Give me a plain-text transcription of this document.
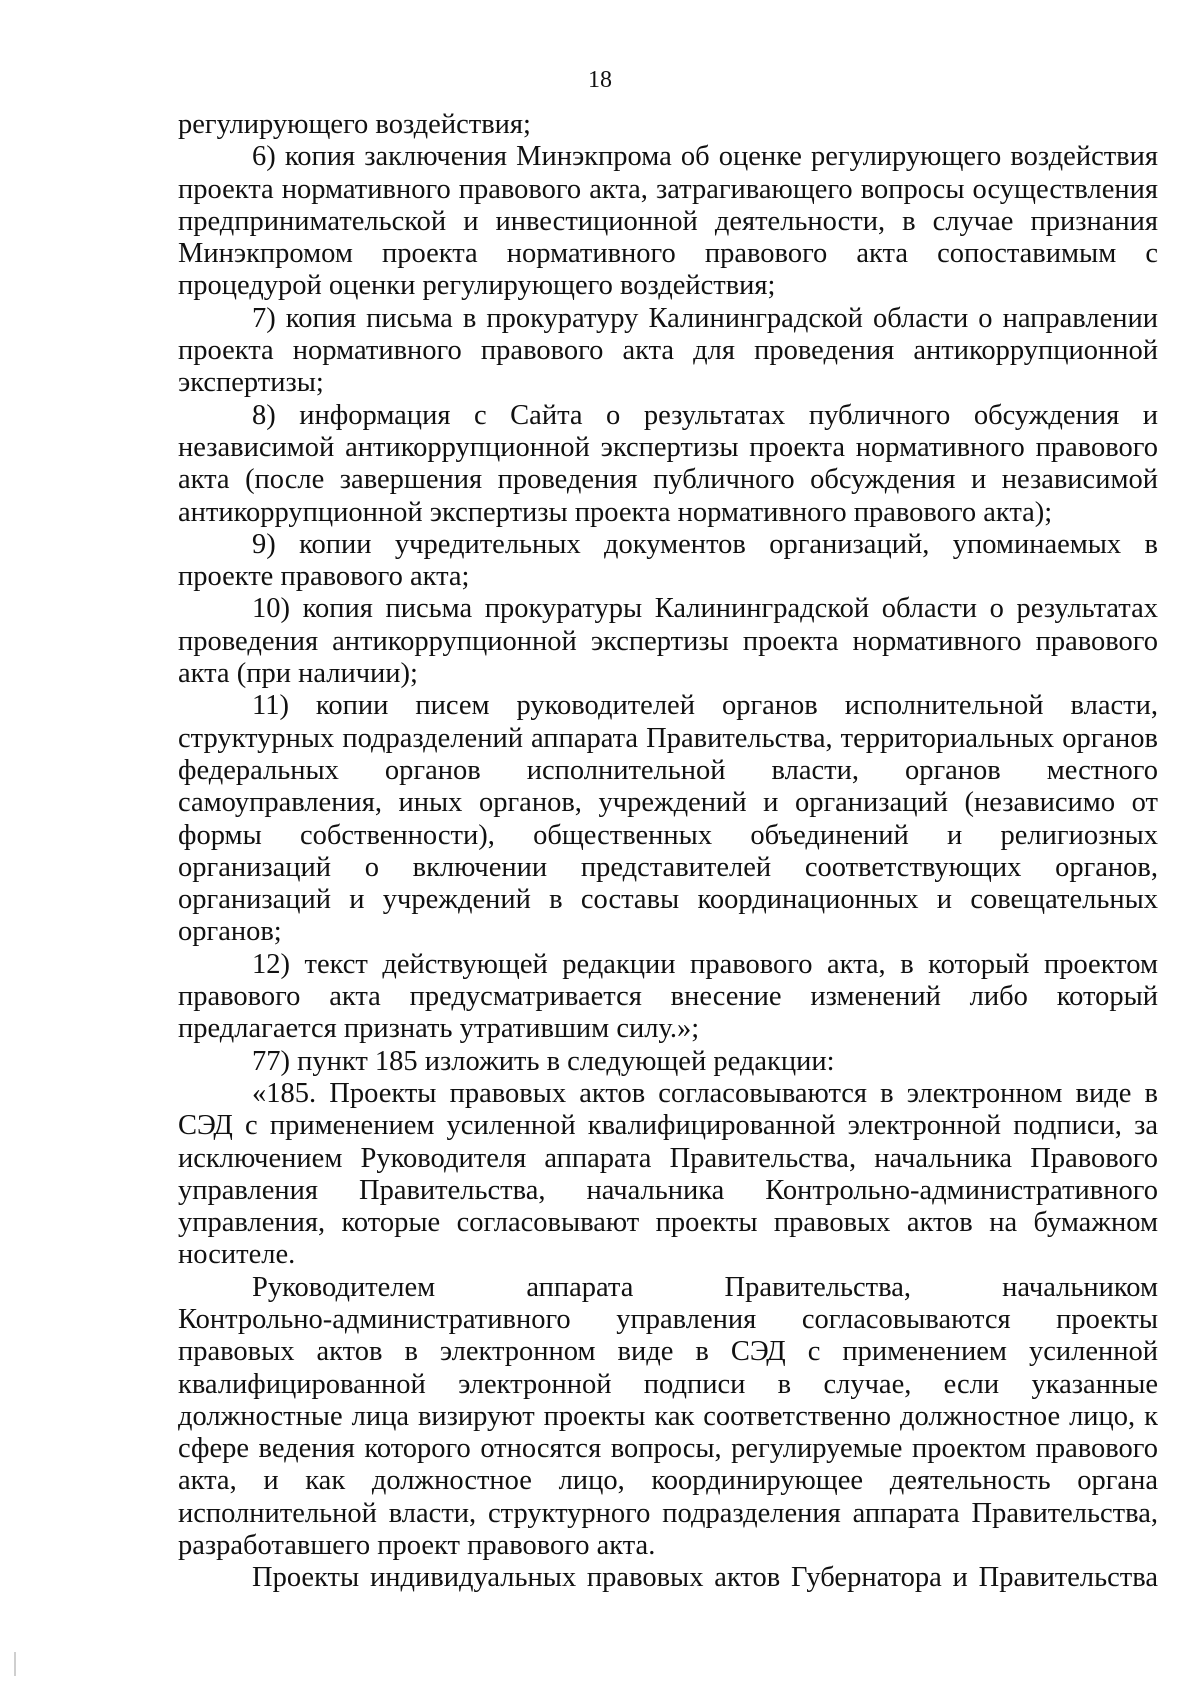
18
регулирующего воздействия;
6) копия заключения Минэкпрома об оценке регулирующего воздействия
проекта нормативного правового акта, затрагивающего вопросы осуществления
предпринимательской и инвестиционной деятельности, в случае признания
Минэкпромом проекта нормативного правового акта сопоставимым с
процедурой оценки регулирующего воздействия;
7) копия письма в прокуратуру Калининградской области о направлении
проекта нормативного правового акта для проведения антикоррупционной
экспертизы;
8) информация с Сайта о результатах публичного обсуждения и
независимой антикоррупционной экспертизы проекта нормативного правового
акта (после завершения проведения публичного обсуждения и независимой
антикоррупционной экспертизы проекта нормативного правового акта);
9) копии учредительных документов организаций, упоминаемых в
проекте правового акта;
10) копия письма прокуратуры Калининградской области о результатах
проведения антикоррупционной экспертизы проекта нормативного правового
акта (при наличии);
11) копии писем руководителей органов исполнительной власти,
структурных подразделений аппарата Правительства, территориальных органов
федеральных органов исполнительной власти, органов местного
самоуправления, иных органов, учреждений и организаций (независимо от
формы собственности), общественных объединений и религиозных
организаций о включении представителей соответствующих органов,
организаций и учреждений в составы координационных и совещательных
органов;
12) текст действующей редакции правового акта, в который проектом
правового акта предусматривается внесение изменений либо который
предлагается признать утратившим силу.»;
77) пункт 185 изложить в следующей редакции:
«185. Проекты правовых актов согласовываются в электронном виде в
СЭД с применением усиленной квалифицированной электронной подписи, за
исключением Руководителя аппарата Правительства, начальника Правового
управления Правительства, начальника Контрольно-административного
управления, которые согласовывают проекты правовых актов на бумажном
носителе.
Руководителем аппарата Правительства, начальником
Контрольно-административного управления согласовываются проекты
правовых актов в электронном виде в СЭД с применением усиленной
квалифицированной электронной подписи в случае, если указанные
должностные лица визируют проекты как соответственно должностное лицо, к
сфере ведения которого относятся вопросы, регулируемые проектом правового
акта, и как должностное лицо, координирующее деятельность органа
исполнительной власти, структурного подразделения аппарата Правительства,
разработавшего проект правового акта.
Проекты индивидуальных правовых актов Губернатора и Правительства
